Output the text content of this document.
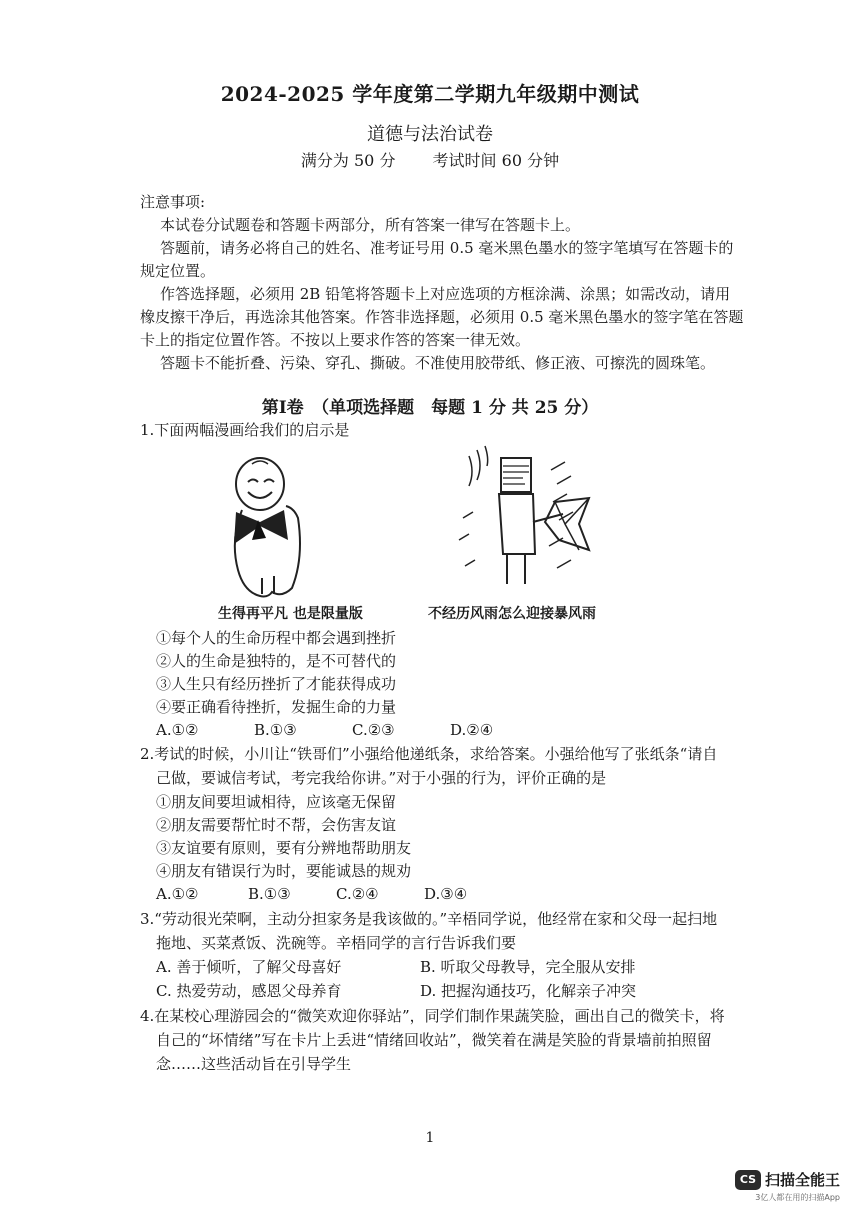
2024-2025 学年度第二学期九年级期中测试
道德与法治试卷
满分为 50 分 考试时间 60 分钟
注意事项:
本试卷分试题卷和答题卡两部分，所有答案一律写在答题卡上。
答题前，请务必将自己的姓名、准考证号用 0.5 毫米黑色墨水的签字笔填写在答题卡的
规定位置。
作答选择题，必须用 2B 铅笔将答题卡上对应选项的方框涂满、涂黑；如需改动，请用
橡皮擦干净后，再选涂其他答案。作答非选择题，必须用 0.5 毫米黑色墨水的签字笔在答题
卡上的指定位置作答。不按以上要求作答的答案一律无效。
答题卡不能折叠、污染、穿孔、撕破。不准使用胶带纸、修正液、可擦洗的圆珠笔。
第Ⅰ卷　（单项选择题　每题 1 分 共 25 分）
1.下面两幅漫画给我们的启示是
生得再平凡 也是限量版	不经历风雨怎么迎接暴风雨
①每个人的生命历程中都会遇到挫折
②人的生命是独特的，是不可替代的
③人生只有经历挫折了才能获得成功
④要正确看待挫折，发掘生命的力量
A.①②	B.①③	C.②③	D.②④
2.考试的时候，小川让“铁哥们”小强给他递纸条，求给答案。小强给他写了张纸条“请自
己做，要诚信考试，考完我给你讲。”对于小强的行为，评价正确的是
①朋友间要坦诚相待，应该毫无保留
②朋友需要帮忙时不帮，会伤害友谊
③友谊要有原则，要有分辨地帮助朋友
④朋友有错误行为时，要能诚恳的规劝
A.①②	B.①③	C.②④	D.③④
3.“劳动很光荣啊，主动分担家务是我该做的。”辛梧同学说，他经常在家和父母一起扫地
拖地、买菜煮饭、洗碗等。辛梧同学的言行告诉我们要
A. 善于倾听，了解父母喜好	B. 听取父母教导，完全服从安排
C. 热爱劳动，感恩父母养育	D. 把握沟通技巧，化解亲子冲突
4.在某校心理游园会的“微笑欢迎你驿站”，同学们制作果蔬笑脸，画出自己的微笑卡，将
自己的“坏情绪”写在卡片上丢进“情绪回收站”，微笑着在满是笑脸的背景墙前拍照留
念……这些活动旨在引导学生
1
CS 扫描全能王
3亿人都在用的扫描App
